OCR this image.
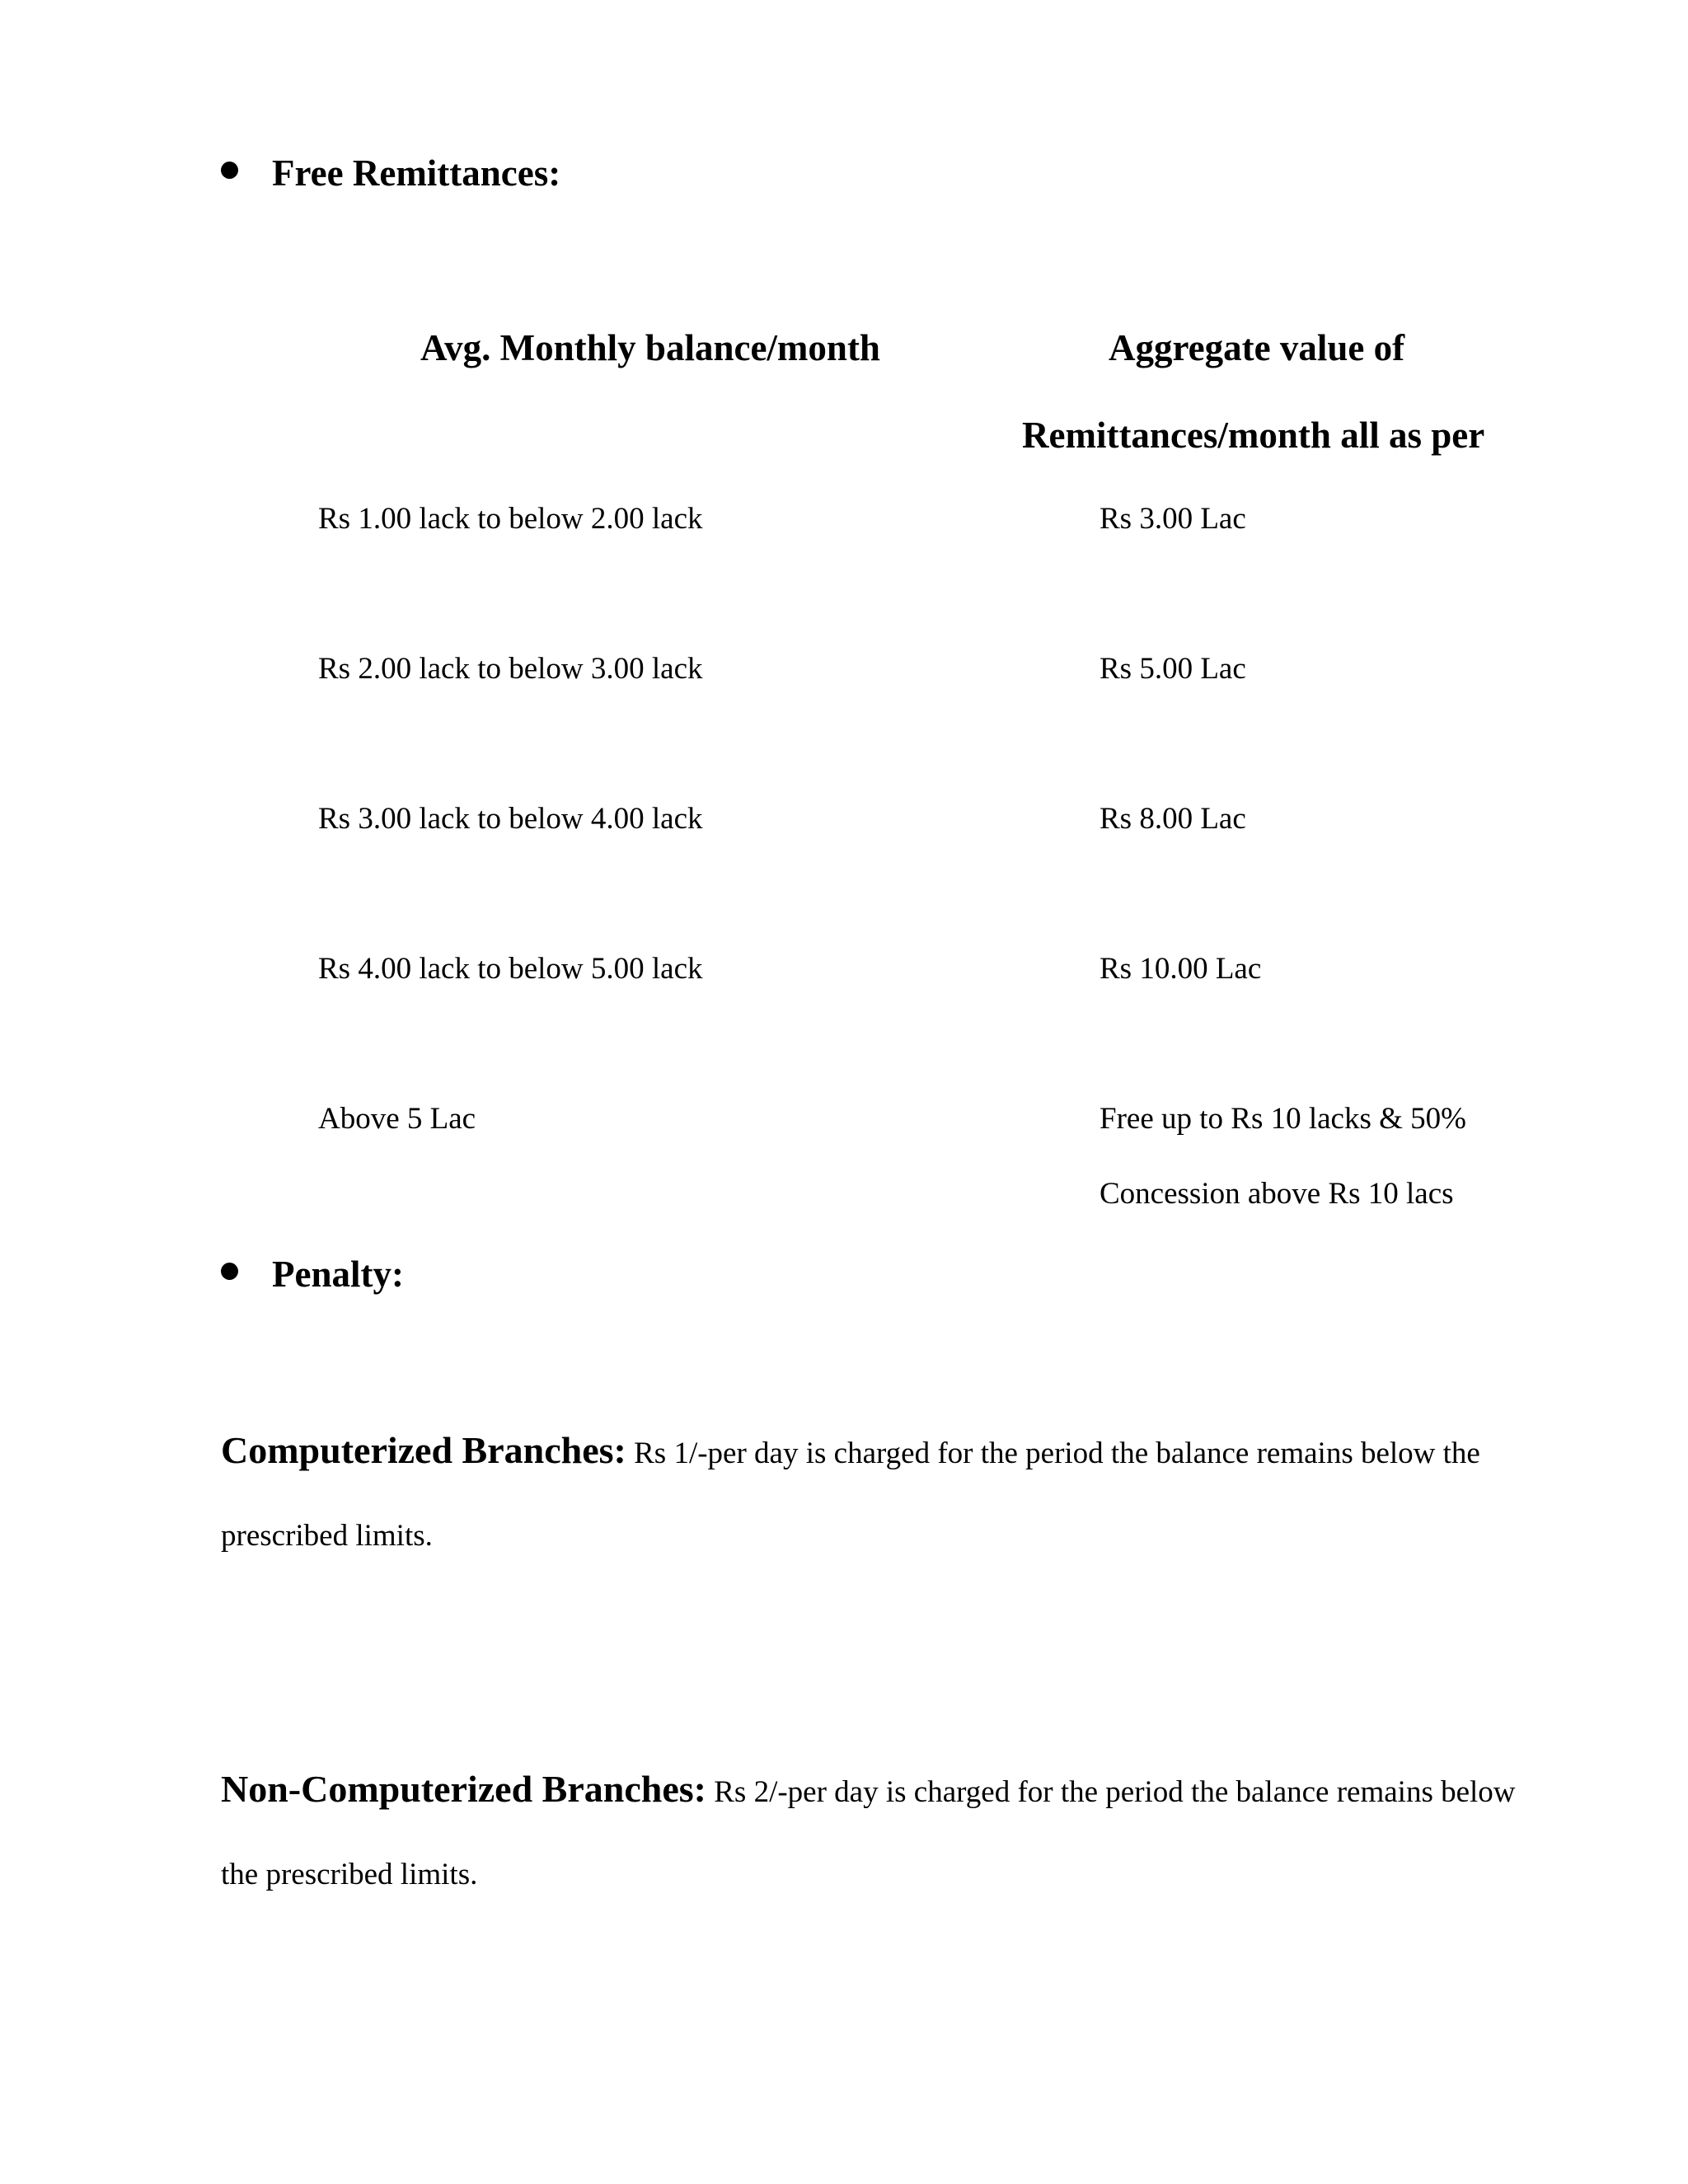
Free Remittances:
Avg. Monthly balance/month	Aggregate value of
Remittances/month all as per
Rs 1.00 lack to below 2.00 lack	Rs 3.00 Lac
Rs 2.00 lack to below 3.00 lack	Rs 5.00 Lac
Rs 3.00 lack to below 4.00 lack	Rs 8.00 Lac
Rs 4.00 lack to below 5.00 lack	Rs 10.00 Lac
Above 5 Lac	Free up to Rs 10 lacks & 50%
Concession above Rs 10 lacs
Penalty:
Computerized Branches: Rs 1/-per day is charged for the period the balance remains below the prescribed limits.
Non-Computerized Branches: Rs 2/-per day is charged for the period the balance remains below the prescribed limits.
